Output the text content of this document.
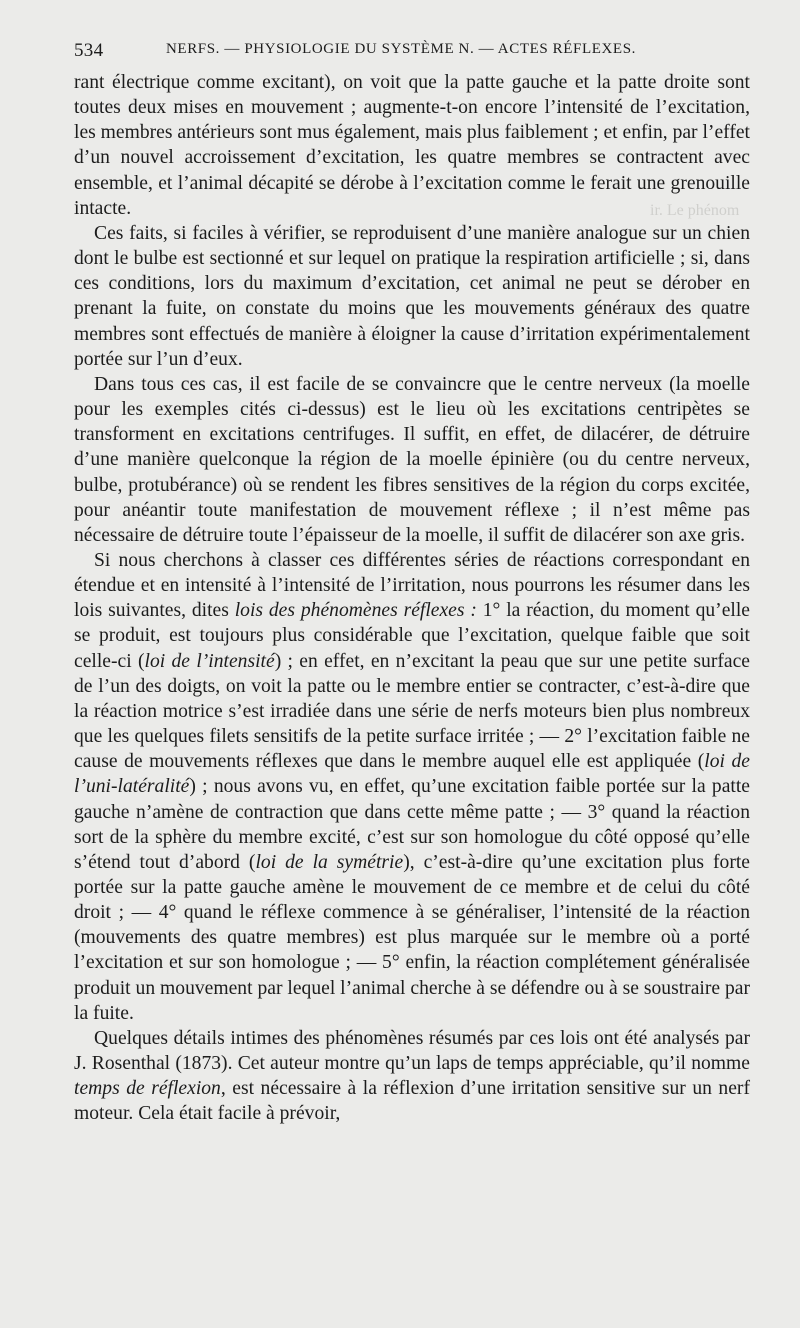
ir. Le phénom
534	NERFS. — PHYSIOLOGIE DU SYSTÈME N. — ACTES RÉFLEXES.

rant électrique comme excitant), on voit que la patte gauche et la patte droite sont toutes deux mises en mouvement ; augmente-t-on encore l’intensité de l’excitation, les membres antérieurs sont mus également, mais plus faiblement ; et enfin, par l’effet d’un nouvel accroissement d’excitation, les quatre membres se contractent avec ensemble, et l’animal décapité se dérobe à l’excitation comme le ferait une grenouille intacte.

Ces faits, si faciles à vérifier, se reproduisent d’une manière analogue sur un chien dont le bulbe est sectionné et sur lequel on pratique la respiration artificielle ; si, dans ces conditions, lors du maximum d’excitation, cet animal ne peut se dérober en prenant la fuite, on constate du moins que les mouvements généraux des quatre membres sont effectués de manière à éloigner la cause d’irritation expérimentalement portée sur l’un d’eux.

Dans tous ces cas, il est facile de se convaincre que le centre nerveux (la moelle pour les exemples cités ci-dessus) est le lieu où les excitations centripètes se transforment en excitations centrifuges. Il suffit, en effet, de dilacérer, de détruire d’une manière quelconque la région de la moelle épinière (ou du centre nerveux, bulbe, protubérance) où se rendent les fibres sensitives de la région du corps excitée, pour anéantir toute manifestation de mouvement réflexe ; il n’est même pas nécessaire de détruire toute l’épaisseur de la moelle, il suffit de dilacérer son axe gris.

Si nous cherchons à classer ces différentes séries de réactions correspondant en étendue et en intensité à l’intensité de l’irritation, nous pourrons les résumer dans les lois suivantes, dites lois des phénomènes réflexes : 1° la réaction, du moment qu’elle se produit, est toujours plus considérable que l’excitation, quelque faible que soit celle-ci (loi de l’intensité) ; en effet, en n’excitant la peau que sur une petite surface de l’un des doigts, on voit la patte ou le membre entier se contracter, c’est-à-dire que la réaction motrice s’est irradiée dans une série de nerfs moteurs bien plus nombreux que les quelques filets sensitifs de la petite surface irritée ; — 2° l’excitation faible ne cause de mouvements réflexes que dans le membre auquel elle est appliquée (loi de l’uni-latéralité) ; nous avons vu, en effet, qu’une excitation faible portée sur la patte gauche n’amène de contraction que dans cette même patte ; — 3° quand la réaction sort de la sphère du membre excité, c’est sur son homologue du côté opposé qu’elle s’étend tout d’abord (loi de la symétrie), c’est-à-dire qu’une excitation plus forte portée sur la patte gauche amène le mouvement de ce membre et de celui du côté droit ; — 4° quand le réflexe commence à se généraliser, l’intensité de la réaction (mouvements des quatre membres) est plus marquée sur le membre où a porté l’excitation et sur son homologue ; — 5° enfin, la réaction complétement généralisée produit un mouvement par lequel l’animal cherche à se défendre ou à se soustraire par la fuite.

Quelques détails intimes des phénomènes résumés par ces lois ont été analysés par J. Rosenthal (1873). Cet auteur montre qu’un laps de temps appréciable, qu’il nomme temps de réflexion, est nécessaire à la réflexion d’une irritation sensitive sur un nerf moteur. Cela était facile à prévoir,
